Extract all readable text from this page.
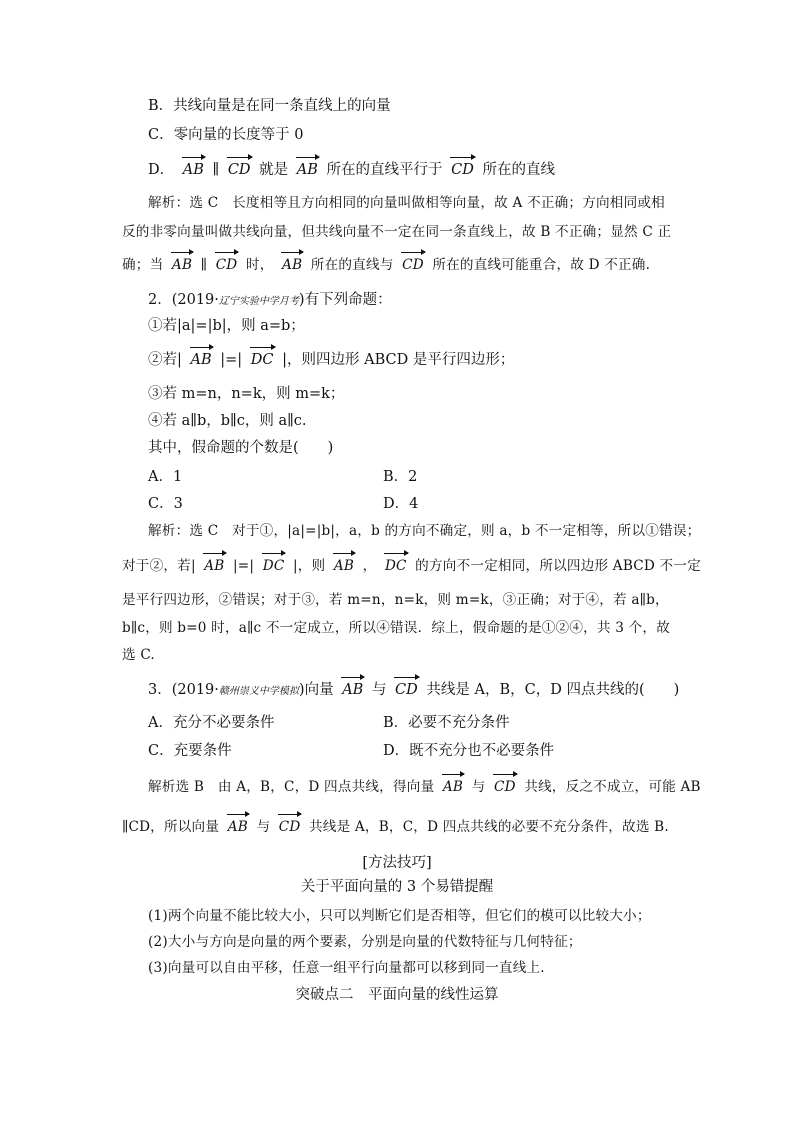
B．共线向量是在同一条直线上的向量
C．零向量的长度等于 0
D． AB ∥ CD 就是 AB 所在的直线平行于 CD 所在的直线
解析：选 C　长度相等且方向相同的向量叫做相等向量，故 A 不正确；方向相同或相
反的非零向量叫做共线向量，但共线向量不一定在同一条直线上，故 B 不正确；显然 C 正
确；当 AB ∥ CD 时， AB 所在的直线与 CD 所在的直线可能重合，故 D 不正确.
2．(2019·辽宁实验中学月考)有下列命题：
①若|a|=|b|，则 a=b；
②若| AB |=| DC |，则四边形 ABCD 是平行四边形；
③若 m=n，n=k，则 m=k；
④若 a∥b，b∥c，则 a∥c.
其中，假命题的个数是(　　)
A．1	B．2
C．3	D．4
解析：选 C　对于①，|a|=|b|，a，b 的方向不确定，则 a，b 不一定相等，所以①错误；
对于②，若| AB |=| DC |，则 AB ， DC 的方向不一定相同，所以四边形 ABCD 不一定
是平行四边形，②错误；对于③，若 m=n，n=k，则 m=k，③正确；对于④，若 a∥b，
b∥c，则 b=0 时，a∥c 不一定成立，所以④错误．综上，假命题的是①②④，共 3 个，故
选 C.
3．(2019·赣州崇义中学模拟)向量 AB 与 CD 共线是 A，B，C，D 四点共线的(　　)
A．充分不必要条件	B．必要不充分条件
C．充要条件	D．既不充分也不必要条件
解析选 B　由 A，B，C，D 四点共线，得向量 AB 与 CD 共线，反之不成立，可能 AB
∥CD，所以向量 AB 与 CD 共线是 A，B，C，D 四点共线的必要不充分条件，故选 B.
[方法技巧]
关于平面向量的 3 个易错提醒
(1)两个向量不能比较大小，只可以判断它们是否相等，但它们的模可以比较大小；
(2)大小与方向是向量的两个要素，分别是向量的代数特征与几何特征；
(3)向量可以自由平移，任意一组平行向量都可以移到同一直线上.
突破点二　平面向量的线性运算
